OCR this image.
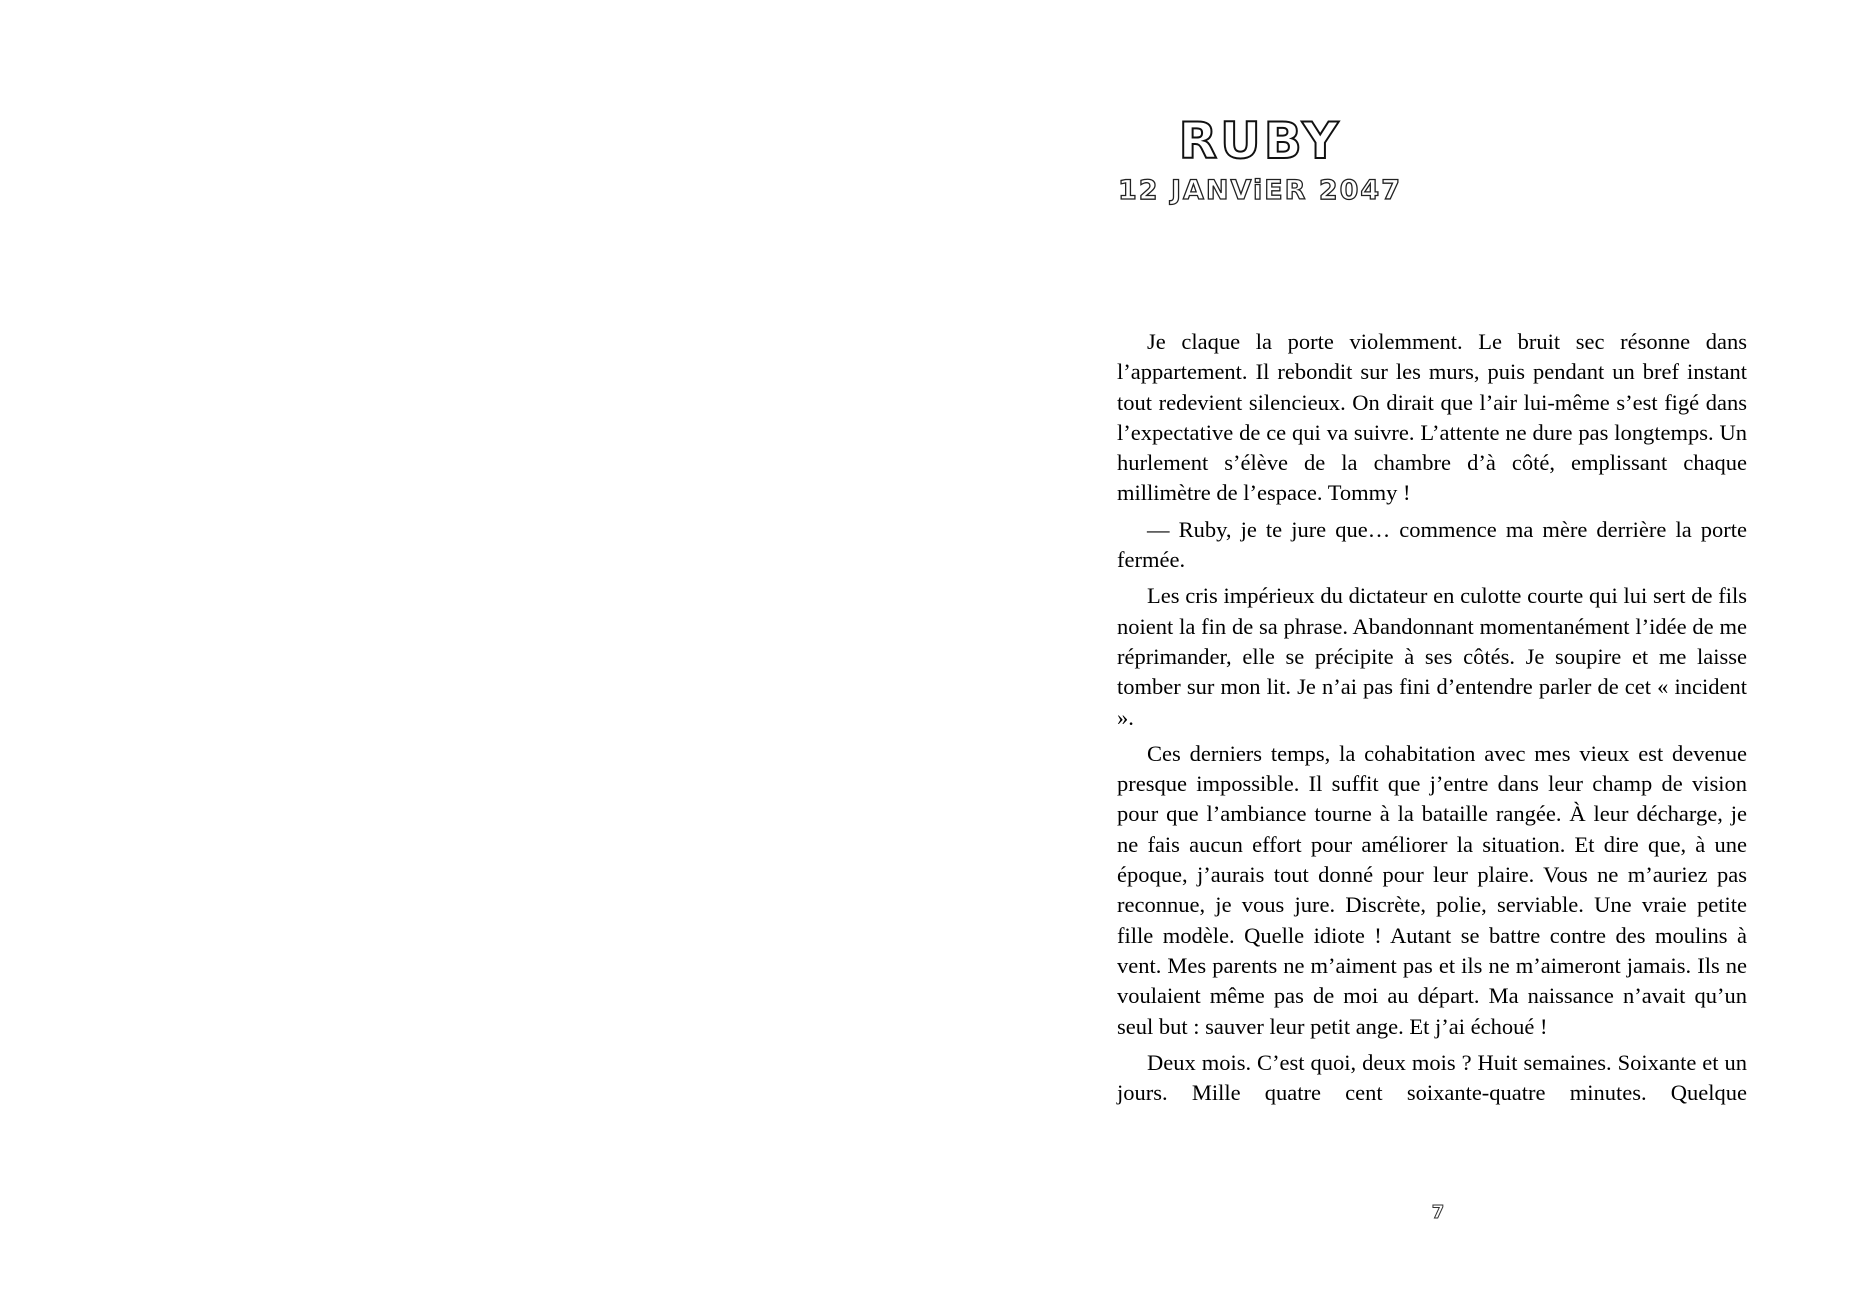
RUBY
12 JANViER 2047

Je claque la porte violemment. Le bruit sec résonne dans l’appartement. Il rebondit sur les murs, puis pendant un bref instant tout redevient silencieux. On dirait que l’air lui-même s’est figé dans l’expectative de ce qui va suivre. L’attente ne dure pas longtemps. Un hurlement s’élève de la chambre d’à côté, emplissant chaque millimètre de l’espace. Tommy !

— Ruby, je te jure que… commence ma mère derrière la porte fermée.

Les cris impérieux du dictateur en culotte courte qui lui sert de fils noient la fin de sa phrase. Abandonnant momentanément l’idée de me réprimander, elle se précipite à ses côtés. Je soupire et me laisse tomber sur mon lit. Je n’ai pas fini d’entendre parler de cet « incident ».

Ces derniers temps, la cohabitation avec mes vieux est devenue presque impossible. Il suffit que j’entre dans leur champ de vision pour que l’ambiance tourne à la bataille rangée. À leur décharge, je ne fais aucun effort pour améliorer la situation. Et dire que, à une époque, j’aurais tout donné pour leur plaire. Vous ne m’auriez pas reconnue, je vous jure. Discrète, polie, serviable. Une vraie petite fille modèle. Quelle idiote ! Autant se battre contre des moulins à vent. Mes parents ne m’aiment pas et ils ne m’aimeront jamais. Ils ne voulaient même pas de moi au départ. Ma naissance n’avait qu’un seul but : sauver leur petit ange. Et j’ai échoué !

Deux mois. C’est quoi, deux mois ? Huit semaines. Soixante et un jours. Mille quatre cent soixante-quatre minutes. Quelque

7
